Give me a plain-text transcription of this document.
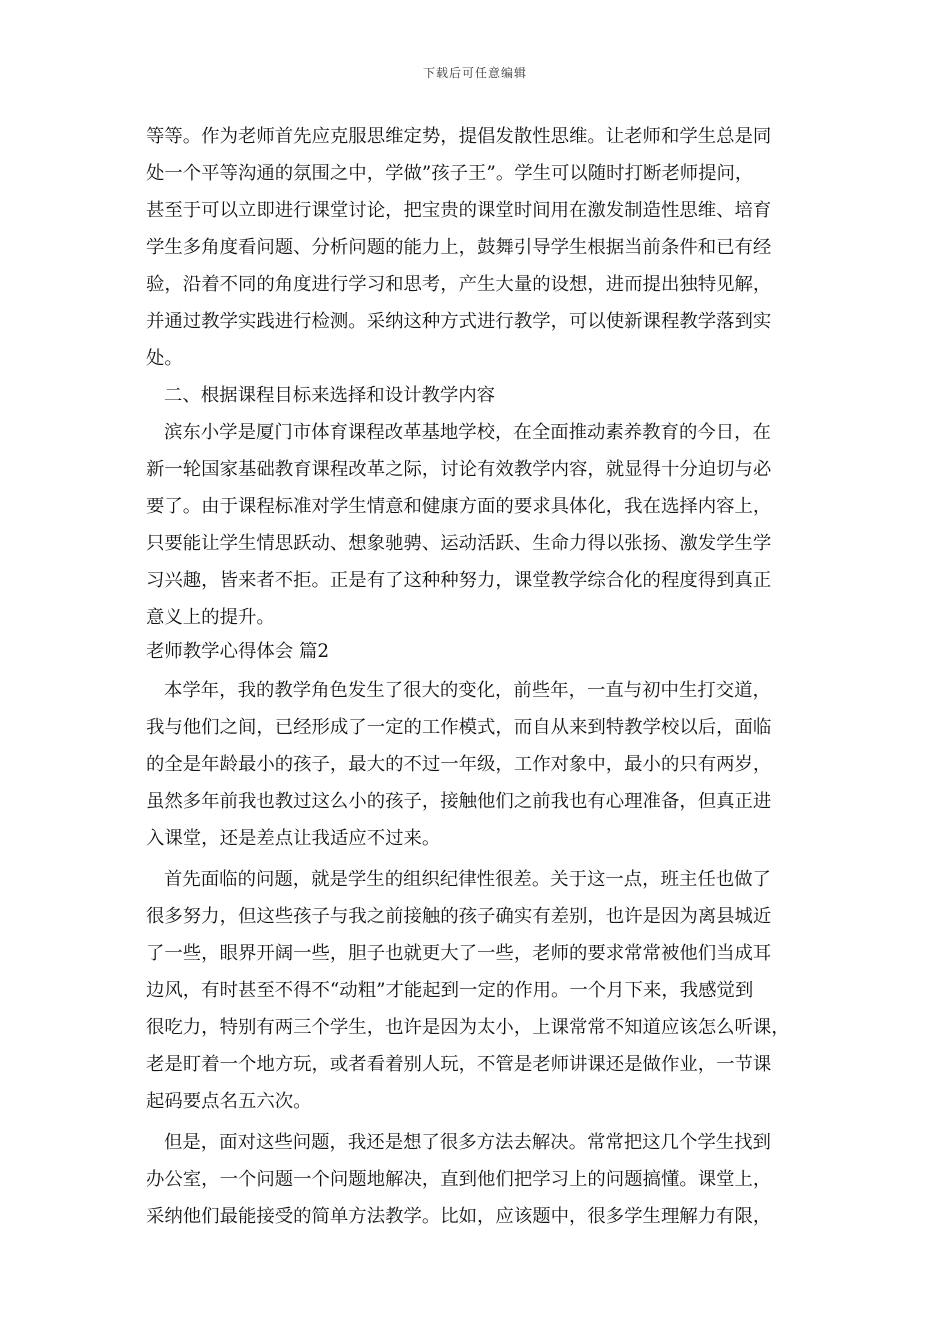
下载后可任意编辑
等等。作为老师首先应克服思维定势，提倡发散性思维。让老师和学生总是同
处一个平等沟通的氛围之中，学做”孩子王”。学生可以随时打断老师提问，
甚至于可以立即进行课堂讨论，把宝贵的课堂时间用在激发制造性思维、培育
学生多角度看问题、分析问题的能力上，鼓舞引导学生根据当前条件和已有经
验，沿着不同的角度进行学习和思考，产生大量的设想，进而提出独特见解，
并通过教学实践进行检测。采纳这种方式进行教学，可以使新课程教学落到实
处。
二、根据课程目标来选择和设计教学内容
滨东小学是厦门市体育课程改革基地学校，在全面推动素养教育的今日，在
新一轮国家基础教育课程改革之际，讨论有效教学内容，就显得十分迫切与必
要了。由于课程标准对学生情意和健康方面的要求具体化，我在选择内容上，
只要能让学生情思跃动、想象驰骋、运动活跃、生命力得以张扬、激发学生学
习兴趣，皆来者不拒。正是有了这种种努力，课堂教学综合化的程度得到真正
意义上的提升。
老师教学心得体会 篇2
本学年，我的教学角色发生了很大的变化，前些年，一直与初中生打交道，
我与他们之间，已经形成了一定的工作模式，而自从来到特教学校以后，面临
的全是年龄最小的孩子，最大的不过一年级，工作对象中，最小的只有两岁，
虽然多年前我也教过这么小的孩子，接触他们之前我也有心理准备，但真正进
入课堂，还是差点让我适应不过来。
首先面临的问题，就是学生的组织纪律性很差。关于这一点，班主任也做了
很多努力，但这些孩子与我之前接触的孩子确实有差别，也许是因为离县城近
了一些，眼界开阔一些，胆子也就更大了一些，老师的要求常常被他们当成耳
边风，有时甚至不得不“动粗”才能起到一定的作用。一个月下来，我感觉到
很吃力，特别有两三个学生，也许是因为太小，上课常常不知道应该怎么听课，
老是盯着一个地方玩，或者看着别人玩，不管是老师讲课还是做作业，一节课
起码要点名五六次。
但是，面对这些问题，我还是想了很多方法去解决。常常把这几个学生找到
办公室，一个问题一个问题地解决，直到他们把学习上的问题搞懂。课堂上，
采纳他们最能接受的简单方法教学。比如，应该题中，很多学生理解力有限，
